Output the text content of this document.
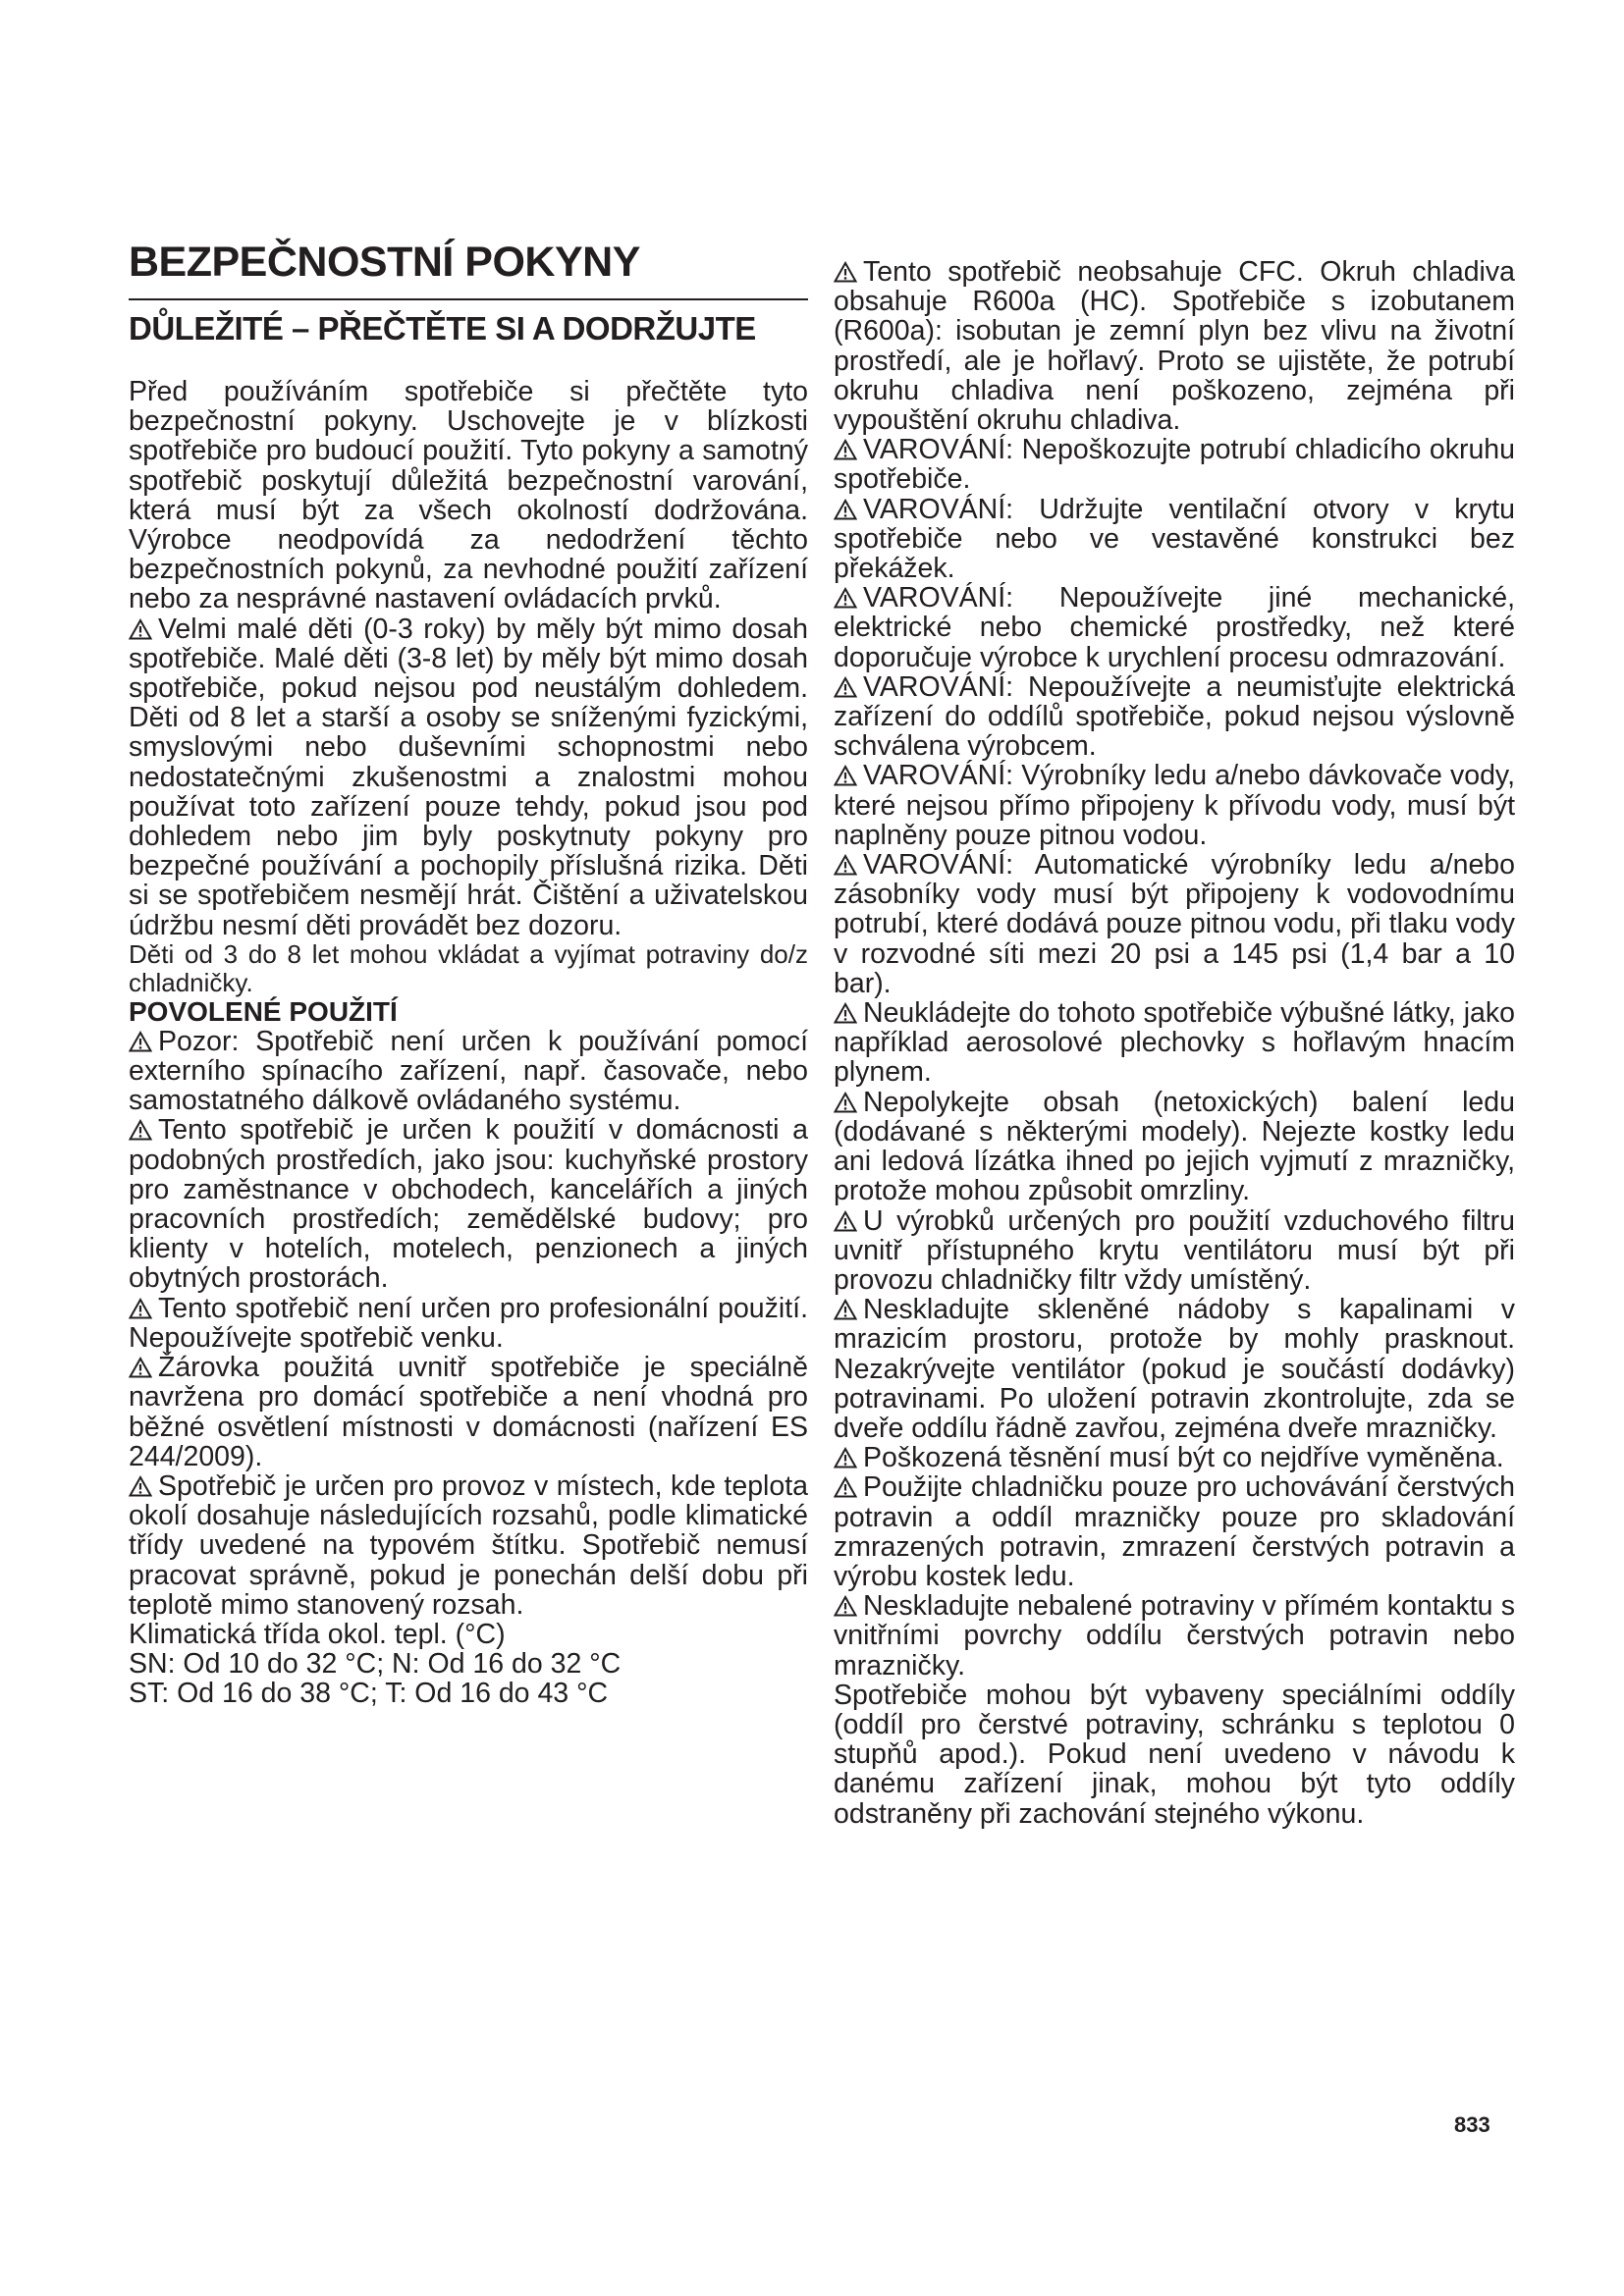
BEZPEČNOSTNÍ POKYNY
DŮLEŽITÉ – PŘEČTĚTE SI A DODRŽUJTE

Před používáním spotřebiče si přečtěte tyto bezpečnostní pokyny. Uschovejte je v blízkosti spotřebiče pro budoucí použití. Tyto pokyny a samotný spotřebič poskytují důležitá bezpečnostní varování, která musí být za všech okolností dodržována. Výrobce neodpovídá za nedodržení těchto bezpečnostních pokynů, za nevhodné použití zařízení nebo za nesprávné nastavení ovládacích prvků.

Velmi malé děti (0-3 roky) by měly být mimo dosah spotřebiče. Malé děti (3-8 let) by měly být mimo dosah spotřebiče, pokud nejsou pod neustálým dohledem. Děti od 8 let a starší a osoby se sníženými fyzickými, smyslovými nebo duševními schopnostmi nebo nedostatečnými zkušenostmi a znalostmi mohou používat toto zařízení pouze tehdy, pokud jsou pod dohledem nebo jim byly poskytnuty pokyny pro bezpečné používání a pochopily příslušná rizika. Děti si se spotřebičem nesmějí hrát. Čištění a uživatelskou údržbu nesmí děti provádět bez dozoru.

Děti od 3 do 8 let mohou vkládat a vyjímat potraviny do/z chladničky.

POVOLENÉ POUŽITÍ

Pozor: Spotřebič není určen k používání pomocí externího spínacího zařízení, např. časovače, nebo samostatného dálkově ovládaného systému.

Tento spotřebič je určen k použití v domácnosti a podobných prostředích, jako jsou: kuchyňské prostory pro zaměstnance v obchodech, kancelářích a jiných pracovních prostředích; zemědělské budovy; pro klienty v hotelích, motelech, penzionech a jiných obytných prostorách.

Tento spotřebič není určen pro profesionální použití. Nepoužívejte spotřebič venku.

Žárovka použitá uvnitř spotřebiče je speciálně navržena pro domácí spotřebiče a není vhodná pro běžné osvětlení místnosti v domácnosti (nařízení ES 244/2009).

Spotřebič je určen pro provoz v místech, kde teplota okolí dosahuje následujících rozsahů, podle klimatické třídy uvedené na typovém štítku. Spotřebič nemusí pracovat správně, pokud je ponechán delší dobu při teplotě mimo stanovený rozsah.

Klimatická třída okol. tepl. (°C)

SN: Od 10 do 32 °C; N: Od 16 do 32 °C

ST: Od 16 do 38 °C; T: Od 16 do 43 °C

Tento spotřebič neobsahuje CFC. Okruh chladiva obsahuje R600a (HC). Spotřebiče s izobutanem (R600a): isobutan je zemní plyn bez vlivu na životní prostředí, ale je hořlavý. Proto se ujistěte, že potrubí okruhu chladiva není poškozeno, zejména při vypouštění okruhu chladiva.

VAROVÁNÍ: Nepoškozujte potrubí chladicího okruhu spotřebiče.

VAROVÁNÍ: Udržujte ventilační otvory v krytu spotřebiče nebo ve vestavěné konstrukci bez překážek.

VAROVÁNÍ: Nepoužívejte jiné mechanické, elektrické nebo chemické prostředky, než které doporučuje výrobce k urychlení procesu odmrazování.

VAROVÁNÍ: Nepoužívejte a neumisťujte elektrická zařízení do oddílů spotřebiče, pokud nejsou výslovně schválena výrobcem.

VAROVÁNÍ: Výrobníky ledu a/nebo dávkovače vody, které nejsou přímo připojeny k přívodu vody, musí být naplněny pouze pitnou vodou.

VAROVÁNÍ: Automatické výrobníky ledu a/nebo zásobníky vody musí být připojeny k vodovodnímu potrubí, které dodává pouze pitnou vodu, při tlaku vody v rozvodné síti mezi 20 psi a 145 psi (1,4 bar a 10 bar).

Neukládejte do tohoto spotřebiče výbušné látky, jako například aerosolové plechovky s hořlavým hnacím plynem.

Nepolykejte obsah (netoxických) balení ledu (dodávané s některými modely). Nejezte kostky ledu ani ledová lízátka ihned po jejich vyjmutí z mrazničky, protože mohou způsobit omrzliny.

U výrobků určených pro použití vzduchového filtru uvnitř přístupného krytu ventilátoru musí být při provozu chladničky filtr vždy umístěný.

Neskladujte skleněné nádoby s kapalinami v mrazicím prostoru, protože by mohly prasknout. Nezakrývejte ventilátor (pokud je součástí dodávky) potravinami. Po uložení potravin zkontrolujte, zda se dveře oddílu řádně zavřou, zejména dveře mrazničky.

Poškozená těsnění musí být co nejdříve vyměněna.

Použijte chladničku pouze pro uchovávání čerstvých potravin a oddíl mrazničky pouze pro skladování zmrazených potravin, zmrazení čerstvých potravin a výrobu kostek ledu.

Neskladujte nebalené potraviny v přímém kontaktu s vnitřními povrchy oddílu čerstvých potravin nebo mrazničky.

Spotřebiče mohou být vybaveny speciálními oddíly (oddíl pro čerstvé potraviny, schránku s teplotou 0 stupňů apod.). Pokud není uvedeno v návodu k danému zařízení jinak, mohou být tyto oddíly odstraněny při zachování stejného výkonu.

833
